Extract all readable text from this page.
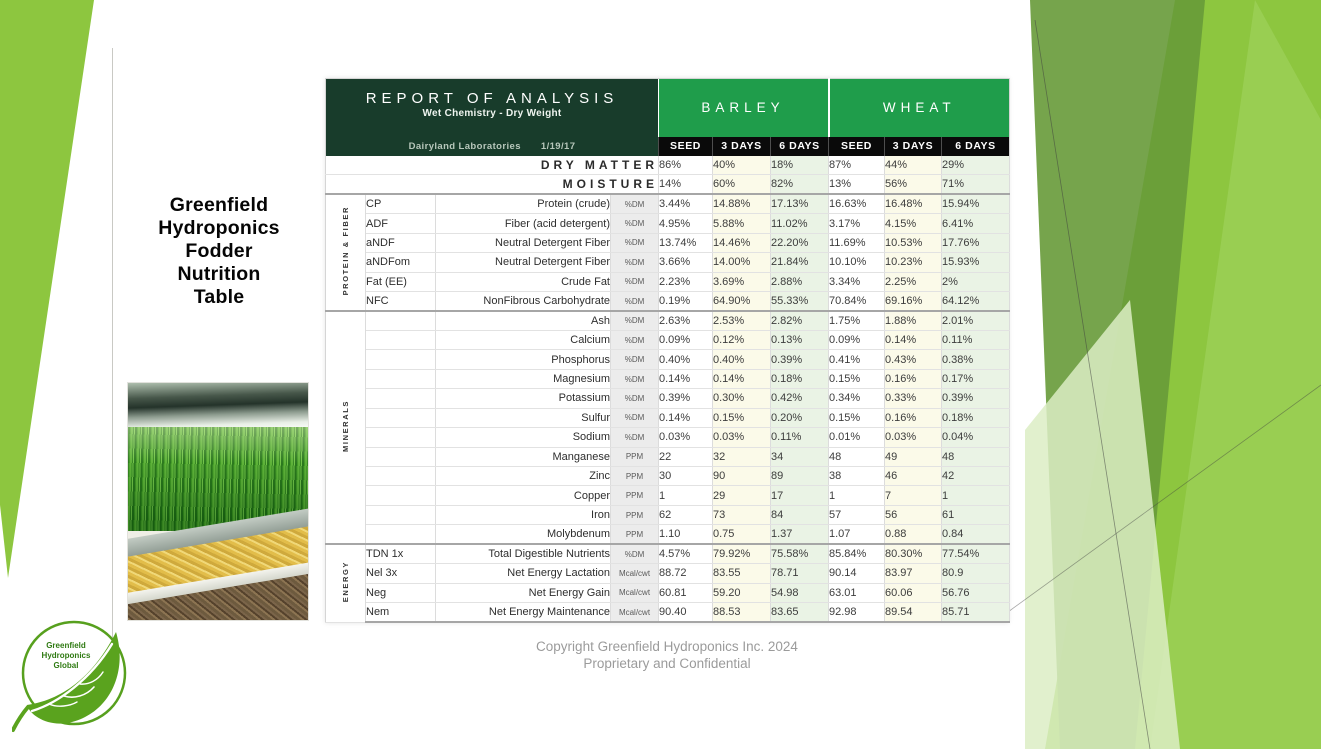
Greenfield
Hydroponics
Fodder
Nutrition
Table
Greenfield
Hydroponics
Global
REPORT OF ANALYSIS
Wet Chemistry - Dry Weight
Dairyland Laboratories 1/19/17				BARLEY			WHEAT		
				SEED	3 DAYS	6 DAYS	SEED	3 DAYS	6 DAYS
DRY MATTER				86%	40%	18%	87%	44%	29%
MOISTURE				14%	60%	82%	13%	56%	71%
PROTEIN & FIBER	CP	Protein (crude)	%DM	3.44%	14.88%	17.13%	16.63%	16.48%	15.94%
	ADF	Fiber (acid detergent)	%DM	4.95%	5.88%	11.02%	3.17%	4.15%	6.41%
	aNDF	Neutral Detergent Fiber	%DM	13.74%	14.46%	22.20%	11.69%	10.53%	17.76%
	aNDFom	Neutral Detergent Fiber	%DM	3.66%	14.00%	21.84%	10.10%	10.23%	15.93%
	Fat (EE)	Crude Fat	%DM	2.23%	3.69%	2.88%	3.34%	2.25%	2%
	NFC	NonFibrous Carbohydrate	%DM	0.19%	64.90%	55.33%	70.84%	69.16%	64.12%
MINERALS		Ash	%DM	2.63%	2.53%	2.82%	1.75%	1.88%	2.01%
		Calcium	%DM	0.09%	0.12%	0.13%	0.09%	0.14%	0.11%
		Phosphorus	%DM	0.40%	0.40%	0.39%	0.41%	0.43%	0.38%
		Magnesium	%DM	0.14%	0.14%	0.18%	0.15%	0.16%	0.17%
		Potassium	%DM	0.39%	0.30%	0.42%	0.34%	0.33%	0.39%
		Sulfur	%DM	0.14%	0.15%	0.20%	0.15%	0.16%	0.18%
		Sodium	%DM	0.03%	0.03%	0.11%	0.01%	0.03%	0.04%
		Manganese	PPM	22	32	34	48	49	48
		Zinc	PPM	30	90	89	38	46	42
		Copper	PPM	1	29	17	1	7	1
		Iron	PPM	62	73	84	57	56	61
		Molybdenum	PPM	1.10	0.75	1.37	1.07	0.88	0.84
ENERGY	TDN 1x	Total Digestible Nutrients	%DM	4.57%	79.92%	75.58%	85.84%	80.30%	77.54%
	Nel 3x	Net Energy Lactation	Mcal/cwt	88.72	83.55	78.71	90.14	83.97	80.9
	Neg	Net Energy Gain	Mcal/cwt	60.81	59.20	54.98	63.01	60.06	56.76
	Nem	Net Energy Maintenance	Mcal/cwt	90.40	88.53	83.65	92.98	89.54	85.71
Copyright Greenfield Hydroponics Inc. 2024
Proprietary and Confidential
